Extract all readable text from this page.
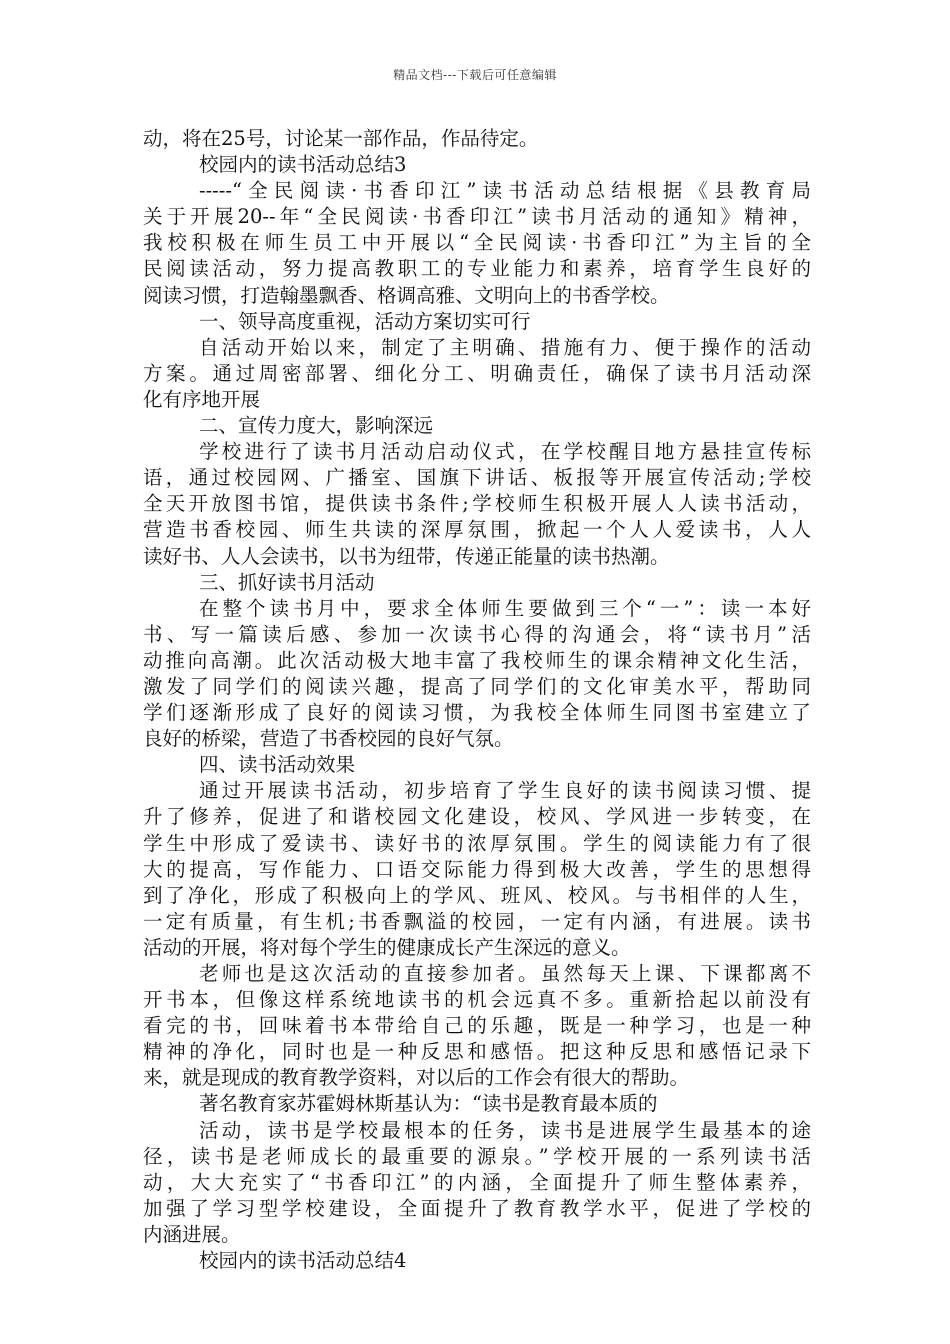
精品文档---下载后可任意编辑
动，将在25号，讨论某一部作品，作品待定。
校园内的读书活动总结3
-----“全民阅读·书香印江”读书活动总结根据《县教育局
关于开展20--年“全民阅读·书香印江”读书月活动的通知》精神，
我校积极在师生员工中开展以“全民阅读·书香印江”为主旨的全
民阅读活动，努力提高教职工的专业能力和素养，培育学生良好的
阅读习惯，打造翰墨飘香、格调高雅、文明向上的书香学校。
一、领导高度重视，活动方案切实可行
自活动开始以来，制定了主明确、措施有力、便于操作的活动
方案。通过周密部署、细化分工、明确责任，确保了读书月活动深
化有序地开展
二、宣传力度大，影响深远
学校进行了读书月活动启动仪式，在学校醒目地方悬挂宣传标
语，通过校园网、广播室、国旗下讲话、板报等开展宣传活动;学校
全天开放图书馆，提供读书条件;学校师生积极开展人人读书活动，
营造书香校园、师生共读的深厚氛围，掀起一个人人爱读书，人人
读好书、人人会读书，以书为纽带，传递正能量的读书热潮。
三、抓好读书月活动
在整个读书月中，要求全体师生要做到三个“一”：读一本好
书、写一篇读后感、参加一次读书心得的沟通会，将“读书月”活
动推向高潮。此次活动极大地丰富了我校师生的课余精神文化生活，
激发了同学们的阅读兴趣，提高了同学们的文化审美水平，帮助同
学们逐渐形成了良好的阅读习惯，为我校全体师生同图书室建立了
良好的桥梁，营造了书香校园的良好气氛。
四、读书活动效果
通过开展读书活动，初步培育了学生良好的读书阅读习惯、提
升了修养，促进了和谐校园文化建设，校风、学风进一步转变，在
学生中形成了爱读书、读好书的浓厚氛围。学生的阅读能力有了很
大的提高，写作能力、口语交际能力得到极大改善，学生的思想得
到了净化，形成了积极向上的学风、班风、校风。与书相伴的人生，
一定有质量，有生机;书香飘溢的校园，一定有内涵，有进展。读书
活动的开展，将对每个学生的健康成长产生深远的意义。
老师也是这次活动的直接参加者。虽然每天上课、下课都离不
开书本，但像这样系统地读书的机会远真不多。重新拾起以前没有
看完的书，回味着书本带给自己的乐趣，既是一种学习，也是一种
精神的净化，同时也是一种反思和感悟。把这种反思和感悟记录下
来，就是现成的教育教学资料，对以后的工作会有很大的帮助。
著名教育家苏霍姆林斯基认为：“读书是教育最本质的
活动，读书是学校最根本的任务，读书是进展学生最基本的途
径，读书是老师成长的最重要的源泉。”学校开展的一系列读书活
动，大大充实了“书香印江”的内涵，全面提升了师生整体素养，
加强了学习型学校建设，全面提升了教育教学水平，促进了学校的
内涵进展。
校园内的读书活动总结4
